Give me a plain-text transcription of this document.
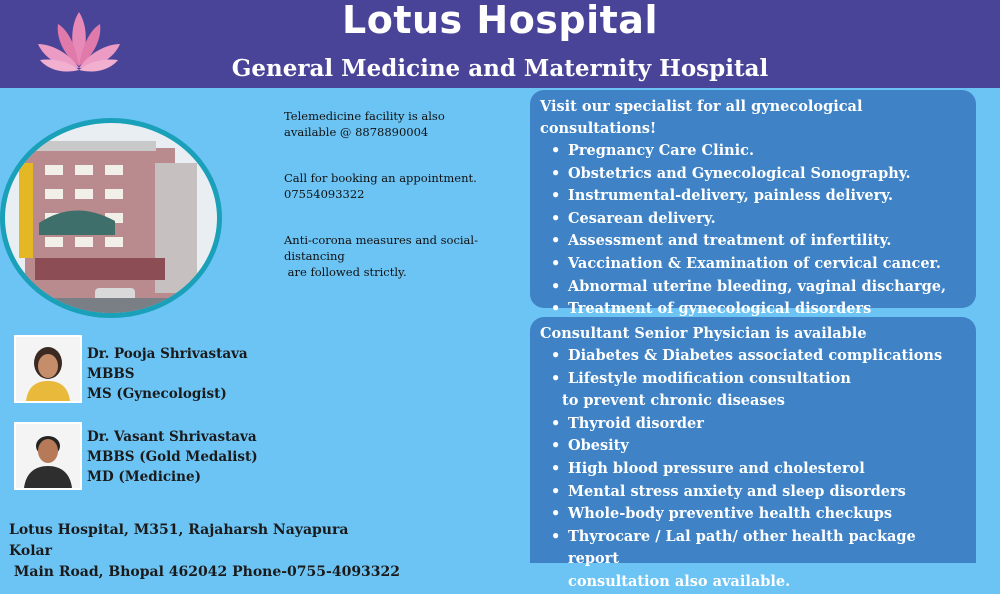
Lotus Hospital
General Medicine and Maternity Hospital
Telemedicine facility is also
available @ 8878890004
Call for booking an appointment.
07554093322
Anti-corona measures and social-
distancing
are followed strictly.
Dr. Pooja Shrivastava
MBBS
MS (Gynecologist)
Dr. Vasant Shrivastava
MBBS (Gold Medalist)
MD (Medicine)
Lotus Hospital, M351, Rajaharsh Nayapura Kolar
Main Road, Bhopal 462042 Phone-0755-4093322
Visit our specialist for all gynecological consultations!
• Pregnancy Care Clinic.
• Obstetrics and Gynecological Sonography.
• Instrumental-delivery, painless delivery.
• Cesarean delivery.
• Assessment and treatment of infertility.
• Vaccination & Examination of cervical cancer.
• Abnormal uterine bleeding, vaginal discharge,
• Treatment of gynecological disorders
Consultant Senior Physician is available
• Diabetes & Diabetes associated complications
• Lifestyle modification consultation
to prevent chronic diseases
• Thyroid disorder
• Obesity
• High blood pressure and cholesterol
• Mental stress anxiety and sleep disorders
• Whole-body preventive health checkups
• Thyrocare / Lal path/ other health package report
consultation also available.
